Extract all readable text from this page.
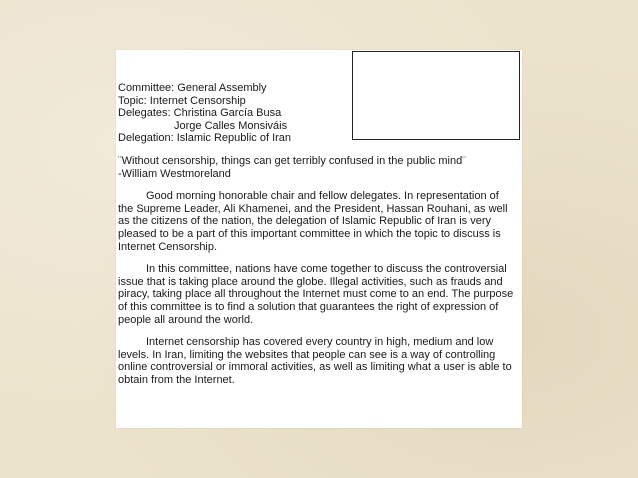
Committee: General Assembly
Topic: Internet Censorship
Delegates: Christina García Busa
Jorge Calles Monsiváis
Delegation: Islamic Republic of Iran
¨Without censorship, things can get terribly confused in the public mind¨
-William Westmoreland

Good morning honorable chair and fellow delegates. In representation of the Supreme Leader, Ali Khamenei, and the President, Hassan Rouhani, as well as the citizens of the nation, the delegation of Islamic Republic of Iran is very pleased to be a part of this important committee in which the topic to discuss is Internet Censorship.

In this committee, nations have come together to discuss the controversial issue that is taking place around the globe. Illegal activities, such as frauds and piracy, taking place all throughout the Internet must come to an end. The purpose of this committee is to find a solution that guarantees the right of expression of people all around the world.

Internet censorship has covered every country in high, medium and low levels. In Iran, limiting the websites that people can see is a way of controlling online controversial or immoral activities, as well as limiting what a user is able to obtain from the Internet.
